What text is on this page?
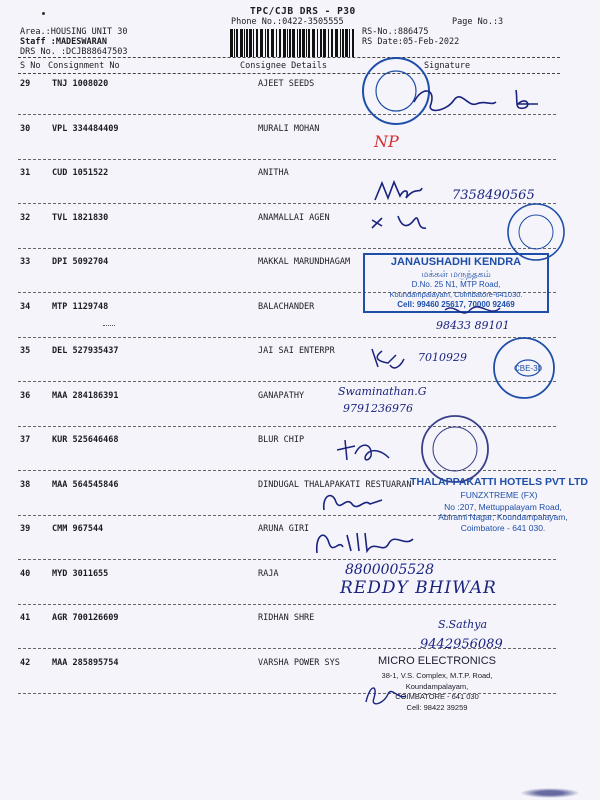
TPC/CJB DRS - P30
Phone No.:0422-3505555	Page No.:3
Area.:HOUSING UNIT 30
Staff :MADESWARAN
DRS No. :DCJB88647503
RS-No.:886475
RS Date:05-Feb-2022
S No Consignment No	Consignee Details	Signature
29	TNJ 1008020	AJEET SEEDS
30	VPL 334484409	MURALI MOHAN
31	CUD 1051522	ANITHA
32	TVL 1821830	ANAMALLAI AGEN
33	DPI 5092704	MAKKAL MARUNDHAGAM
34	MTP 1129748	BALACHANDER
35	DEL 527935437	JAI SAI ENTERPR
36	MAA 284186391	GANAPATHY
37	KUR 525646468	BLUR CHIP
38	MAA 564545846	DINDUGAL THALAPAKATI RESTUARAN
39	CMM 967544	ARUNA GIRI
40	MYD 3011655	RAJA
41	AGR 700126609	RIDHAN SHRE
42	MAA 285895754	VARSHA POWER SYS
NP
7358490565
JANAUSHADHI KENDRA
மக்கள் மருந்தகம்
D.No. 25 N1, MTP Road,
Koundampalayam, Coimbatore-641030.
Cell: 99460 25617, 70000 92469
98433 89101
7010929
CBE-30
Swaminathan.G
9791236976
THALAPPAKATTI HOTELS PVT LTD
FUNZXTREME (FX)
No :207, Mettuppalayam Road,
Abirami Nagar, Koundampalayam,
Coimbatore - 641 030.
8800005528
REDDY BHIWAR
S.Sathya
9442956089
MICRO ELECTRONICS
38-1, V.S. Complex, M.T.P. Road,
Koundampalayam,
COIMBATORE - 641 030
Cell: 98422 39259
